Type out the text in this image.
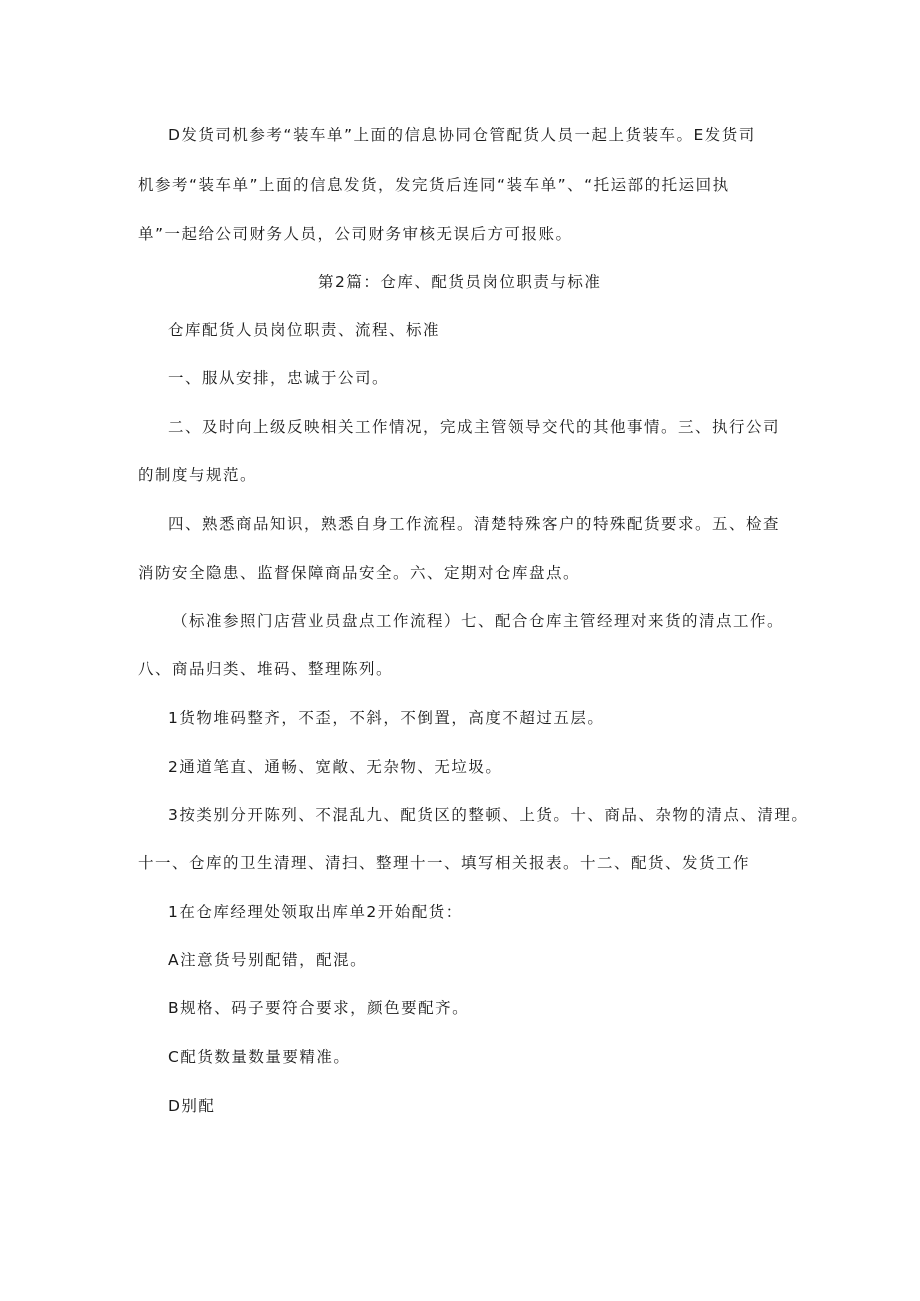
D发货司机参考“装车单”上面的信息协同仓管配货人员一起上货装车。E发货司
机参考“装车单”上面的信息发货，发完货后连同“装车单”、“托运部的托运回执
单”一起给公司财务人员，公司财务审核无误后方可报账。
第2篇：仓库、配货员岗位职责与标准
仓库配货人员岗位职责、流程、标准
一、服从安排，忠诚于公司。
二、及时向上级反映相关工作情况，完成主管领导交代的其他事情。三、执行公司
的制度与规范。
四、熟悉商品知识，熟悉自身工作流程。清楚特殊客户的特殊配货要求。五、检查
消防安全隐患、监督保障商品安全。六、定期对仓库盘点。
（标准参照门店营业员盘点工作流程）七、配合仓库主管经理对来货的清点工作。
八、商品归类、堆码、整理陈列。
1货物堆码整齐，不歪，不斜，不倒置，高度不超过五层。
2通道笔直、通畅、宽敞、无杂物、无垃圾。
3按类别分开陈列、不混乱九、配货区的整顿、上货。十、商品、杂物的清点、清理。
十一、仓库的卫生清理、清扫、整理十一、填写相关报表。十二、配货、发货工作
1在仓库经理处领取出库单2开始配货：
A注意货号别配错，配混。
B规格、码子要符合要求，颜色要配齐。
C配货数量数量要精准。
D别配
